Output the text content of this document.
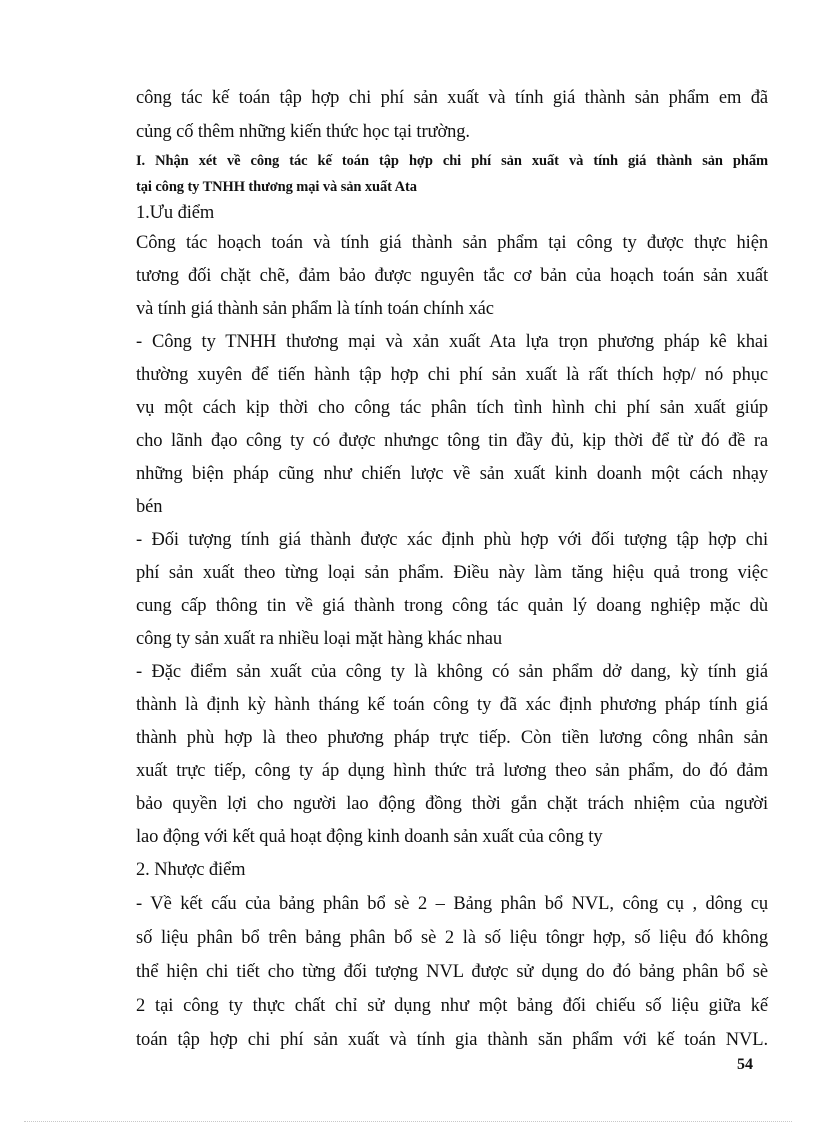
công tác kế toán tập hợp chi phí sản xuất và tính giá thành sản phẩm em đã
củng cố thêm những kiến thức học tại trường.
I. Nhận xét về công tác kế toán tập hợp chi phí sản xuất và tính giá thành sản phẩm
tại công ty TNHH thương mại và sản xuất Ata
1.Ưu điểm
Công tác hoạch toán và tính giá thành sản phẩm tại công ty được thực hiện
tương đối chặt chẽ, đảm bảo được nguyên tắc cơ bản của hoạch toán sản xuất
và tính giá thành sản phẩm là tính toán chính xác
- Công ty TNHH thương mại và xản xuất Ata lựa trọn phương pháp kê khai
thường xuyên để tiến hành tập hợp chi phí sản xuất là rất thích hợp/ nó phục
vụ một cách kịp thời cho công tác phân tích tình hình chi phí sản xuất giúp
cho lãnh đạo công ty có được nhưngc tông tin đầy đủ, kịp thời để từ đó đề ra
những biện pháp cũng như chiến lược về sản xuất kinh doanh một cách nhạy
bén
- Đối tượng tính giá thành được xác định phù hợp với đối tượng tập hợp chi
phí sản xuất theo từng loại sản phẩm. Điều này làm tăng hiệu quả trong việc
cung cấp thông tin về giá thành trong công tác quản lý doang nghiệp mặc dù
công ty sản xuất ra nhiều loại mặt hàng khác nhau
- Đặc điểm sản xuất của công ty là không có sản phẩm dở dang, kỳ tính giá
thành là định kỳ hành tháng kế toán công ty đã xác định phương pháp tính giá
thành phù hợp là theo phương pháp trực tiếp. Còn tiền lương công nhân sản
xuất trực tiếp, công ty áp dụng hình thức trả lương theo sản phẩm, do đó đảm
bảo quyền lợi cho người lao động đồng thời gắn chặt trách nhiệm của người
lao động với kết quả hoạt động kinh doanh sản xuất của công ty
2. Nhược điểm
- Về kết cấu của bảng phân bổ sè 2 – Bảng phân bổ NVL, công cụ , dông cụ
số liệu phân bổ trên bảng phân bổ sè 2 là số liệu tôngr hợp, số liệu đó không
thể hiện chi tiết cho từng đối tượng NVL được sử dụng do đó bảng phân bổ sè
2 tại công ty thực chất chỉ sử dụng như một bảng đối chiếu số liệu giữa kế
toán tập hợp chi phí sản xuất và tính gia thành săn phẩm với kế toán NVL.
54
